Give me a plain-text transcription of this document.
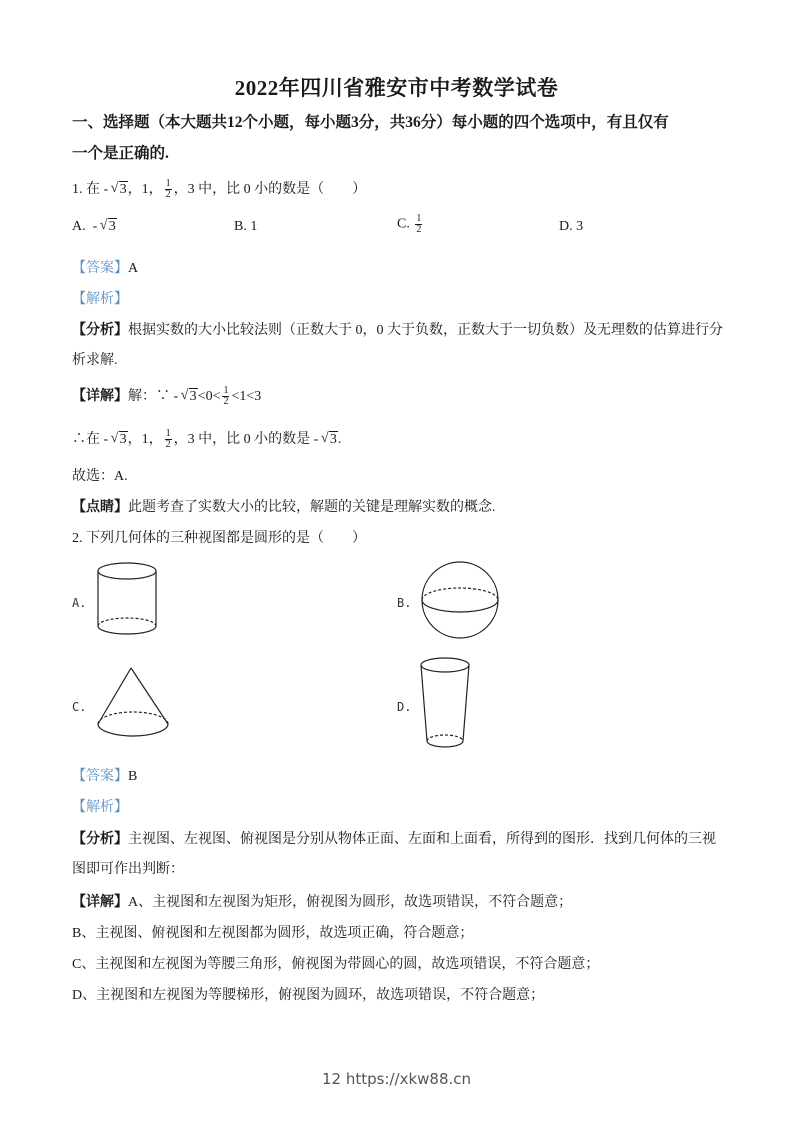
2022年四川省雅安市中考数学试卷
一、选择题（本大题共12个小题，每小题3分，共36分）每小题的四个选项中，有且仅有
一个是正确的.
1. 在 - √ 3，1， $\frac{1}{2}$ ，3 中，比 0 小的数是（　　）
A. - √ 3	B. 1	C. $\frac{1}{2}$	D. 3
【答案】A
【解析】
【分析】根据实数的大小比较法则（正数大于 0，0 大于负数，正数大于一切负数）及无理数的估算进行分
析求解.
【详解】解：∵ - √ $3<0< \frac{1}{2} <1<3$
∴在 - √ 3，1， $\frac{1}{2}$ ，3 中，比 0 小的数是 - √ 3.
故选：A.
【点睛】此题考查了实数大小的比较，解题的关键是理解实数的概念.
2. 下列几何体的三种视图都是圆形的是（　　）
A.	B.
C.	D.
【答案】B
【解析】
【分析】主视图、左视图、俯视图是分别从物体正面、左面和上面看，所得到的图形．找到几何体的三视
图即可作出判断：
【详解】A、主视图和左视图为矩形，俯视图为圆形，故选项错误，不符合题意；
B、主视图、俯视图和左视图都为圆形，故选项正确，符合题意；
C、主视图和左视图为等腰三角形，俯视图为带圆心的圆，故选项错误，不符合题意；
D、主视图和左视图为等腰梯形，俯视图为圆环，故选项错误，不符合题意；
12 https://xkw88.cn
